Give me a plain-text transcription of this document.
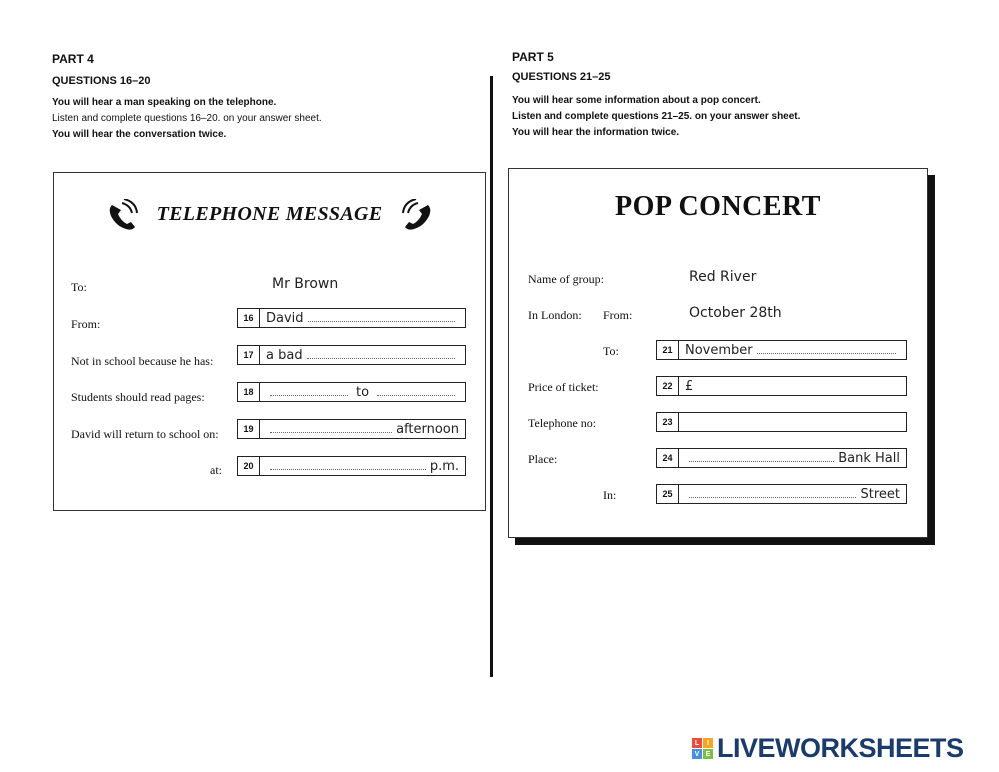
PART 4
QUESTIONS 16–20
You will hear a man speaking on the telephone.
Listen and complete questions 16–20. on your answer sheet.
You will hear the conversation twice.
TELEPHONE MESSAGE
To:	Mr Brown
From:	16 David
Not in school because he has:	17 a bad
Students should read pages:	18	to
David will return to school on:	19	afternoon
at:	20	p.m.
PART 5
QUESTIONS 21–25
You will hear some information about a pop concert.
Listen and complete questions 21–25. on your answer sheet.
You will hear the information twice.
POP CONCERT
Name of group:	Red River
In London: From:	October 28th
To:	21 November
Price of ticket:	22 £
Telephone no:	23
Place:	24	Bank Hall
In:	25	Street
L	I
V E LIVEWORKSHEETS
